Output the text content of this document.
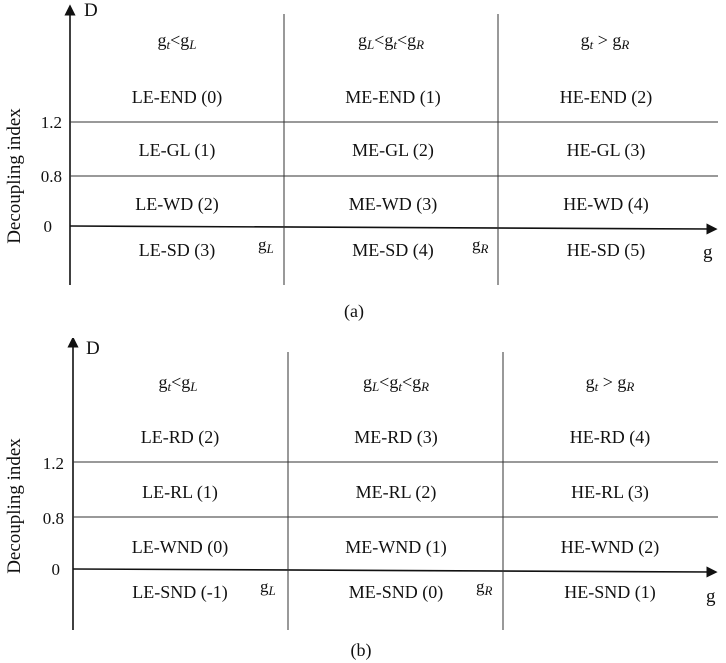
D
Decoupling index
g
1.2
0.8
0
gL	gR
gt<gL	gL<gt<gR	gt > gR
LE-END (0)	ME-END (1)	HE-END (2)
LE-GL (1)	ME-GL (2)	HE-GL (3)
LE-WD (2)	ME-WD (3)	HE-WD (4)
LE-SD (3)	ME-SD (4)	HE-SD (5)
(a)
D
Decoupling index
g
1.2
0.8
0
gL	gR
gt<gL	gL<gt<gR	gt > gR
LE-RD (2)	ME-RD (3)	HE-RD (4)
LE-RL (1)	ME-RL (2)	HE-RL (3)
LE-WND (0)	ME-WND (1)	HE-WND (2)
LE-SND (-1)	ME-SND (0)	HE-SND (1)
(b)
